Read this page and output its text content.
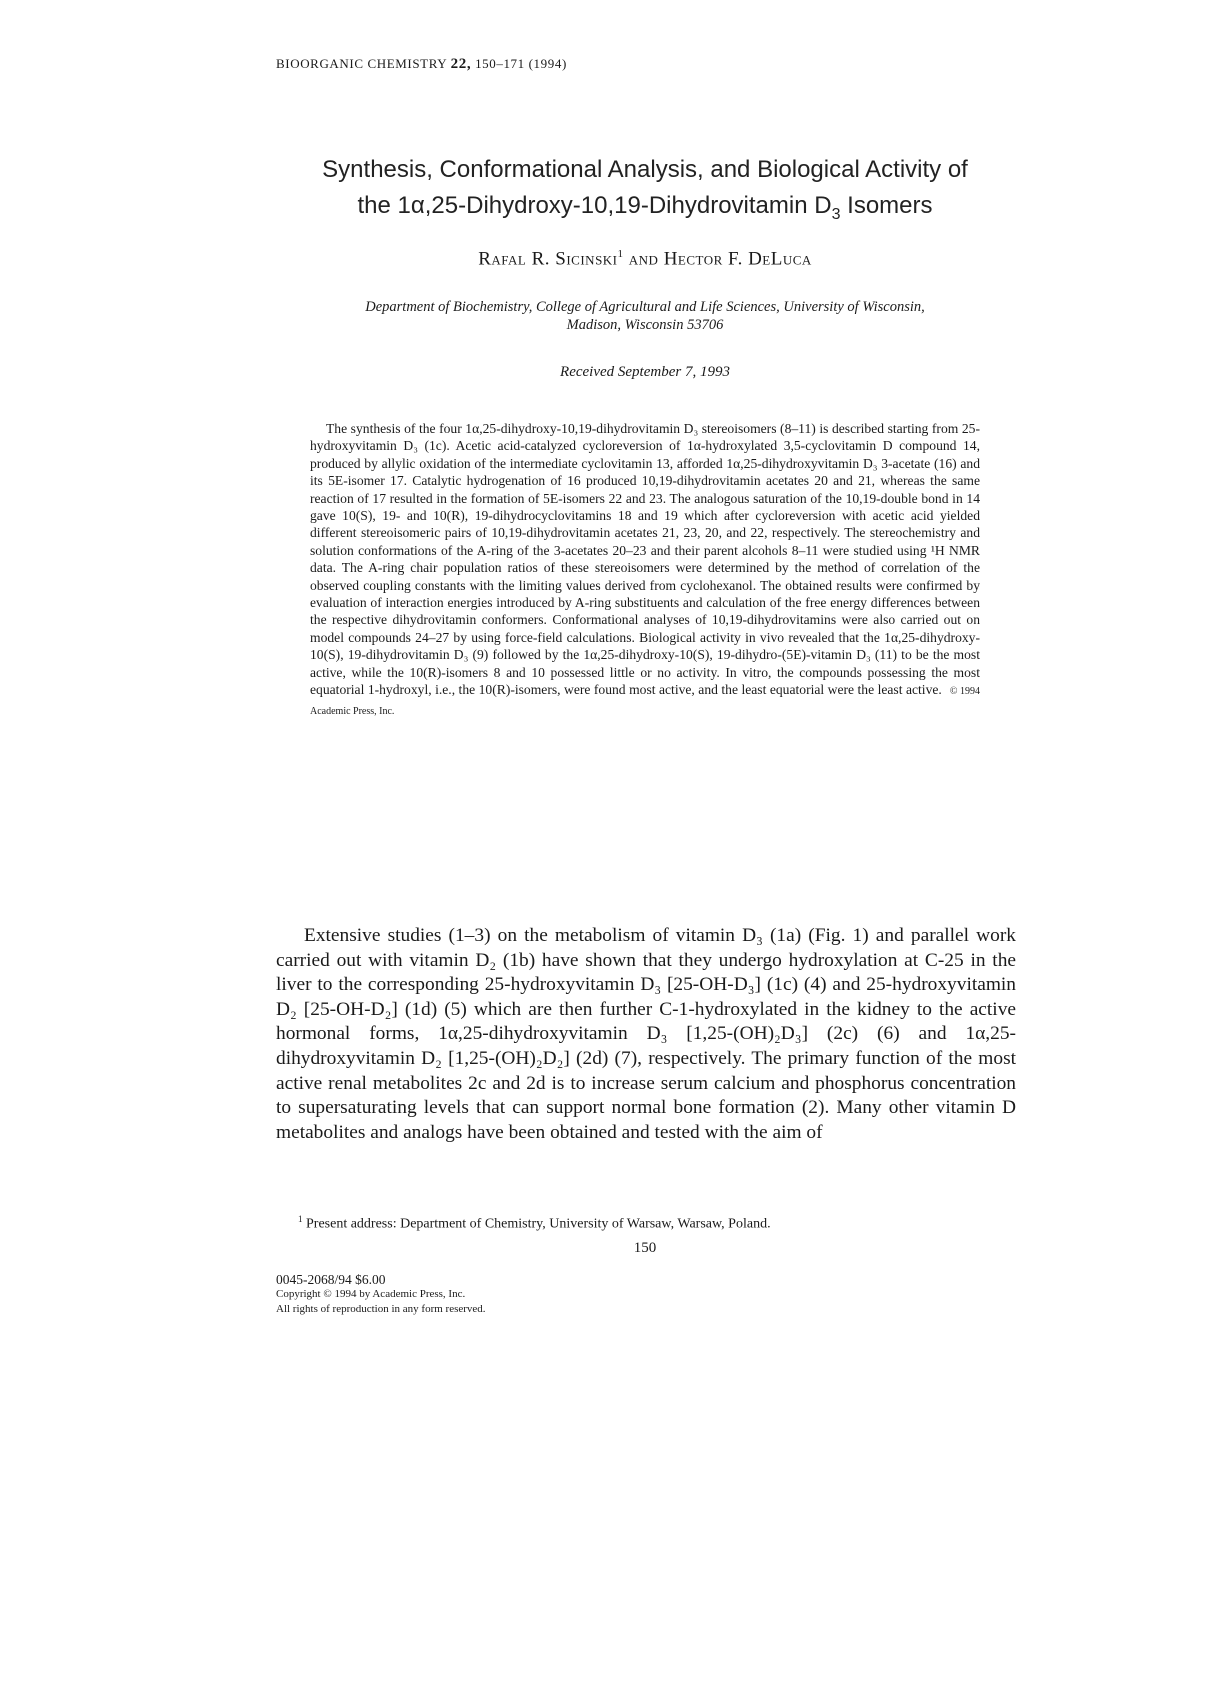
BIOORGANIC CHEMISTRY 22, 150–171 (1994)
Synthesis, Conformational Analysis, and Biological Activity of
the 1α,25-Dihydroxy-10,19-Dihydrovitamin $D_3$ Isomers
Rafal R. Sicinski$^1$ and Hector F. DeLuca
Department of Biochemistry, College of Agricultural and Life Sciences, University of Wisconsin,
Madison, Wisconsin 53706
Received September 7, 1993

The synthesis of the four 1α,25-dihydroxy-10,19-dihydrovitamin D₃ stereoisomers (8–11) is described starting from 25-hydroxyvitamin D₃ (1c). Acetic acid-catalyzed cycloreversion of 1α-hydroxylated 3,5-cyclovitamin D compound 14, produced by allylic oxidation of the intermediate cyclovitamin 13, afforded 1α,25-dihydroxyvitamin D₃ 3-acetate (16) and its 5E-isomer 17. Catalytic hydrogenation of 16 produced 10,19-dihydrovitamin acetates 20 and 21, whereas the same reaction of 17 resulted in the formation of 5E-isomers 22 and 23. The analogous saturation of the 10,19-double bond in 14 gave 10(S), 19- and 10(R), 19-dihydrocyclovitamins 18 and 19 which after cycloreversion with acetic acid yielded different stereoisomeric pairs of 10,19-dihydrovitamin acetates 21, 23, 20, and 22, respectively. The stereochemistry and solution conformations of the A-ring of the 3-acetates 20–23 and their parent alcohols 8–11 were studied using ¹H NMR data. The A-ring chair population ratios of these stereoisomers were determined by the method of correlation of the observed coupling constants with the limiting values derived from cyclohexanol. The obtained results were confirmed by evaluation of interaction energies introduced by A-ring substituents and calculation of the free energy differences between the respective dihydrovitamin conformers. Conformational analyses of 10,19-dihydrovitamins were also carried out on model compounds 24–27 by using force-field calculations. Biological activity in vivo revealed that the 1α,25-dihydroxy-10(S), 19-dihydrovitamin D₃ (9) followed by the 1α,25-dihydroxy-10(S), 19-dihydro-(5E)-vitamin D₃ (11) to be the most active, while the 10(R)-isomers 8 and 10 possessed little or no activity. In vitro, the compounds possessing the most equatorial 1-hydroxyl, i.e., the 10(R)-isomers, were found most active, and the least equatorial were the least active. © 1994 Academic Press, Inc.

Extensive studies (1–3) on the metabolism of vitamin D₃ (1a) (Fig. 1) and parallel work carried out with vitamin D₂ (1b) have shown that they undergo hydroxylation at C-25 in the liver to the corresponding 25-hydroxyvitamin D₃ [25-OH-D₃] (1c) (4) and 25-hydroxyvitamin D₂ [25-OH-D₂] (1d) (5) which are then further C-1-hydroxylated in the kidney to the active hormonal forms, 1α,25-dihydroxyvitamin D₃ [1,25-(OH)₂D₃] (2c) (6) and 1α,25-dihydroxyvitamin D₂ [1,25-(OH)₂D₂] (2d) (7), respectively. The primary function of the most active renal metabolites 2c and 2d is to increase serum calcium and phosphorus concentration to supersaturating levels that can support normal bone formation (2). Many other vitamin D metabolites and analogs have been obtained and tested with the aim of

$^1$ Present address: Department of Chemistry, University of Warsaw, Warsaw, Poland.

150
0045-2068/94 $6.00
Copyright © 1994 by Academic Press, Inc.
All rights of reproduction in any form reserved.
